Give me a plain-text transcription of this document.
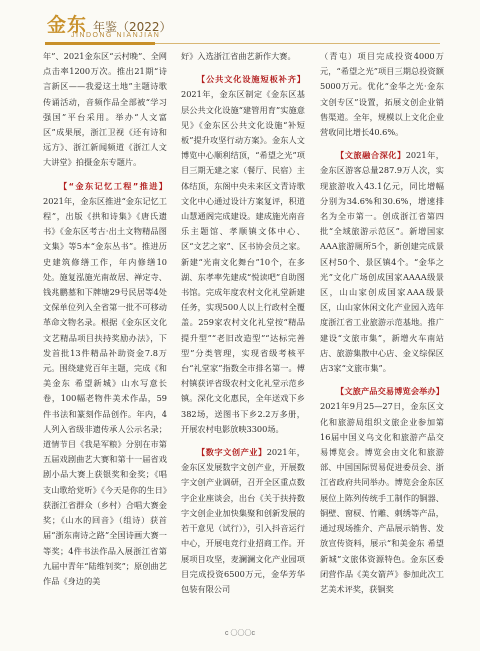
金东 年鉴（2022）
JINDONG NIANJIAN

年”、2021金东区“云村晚”、全网点击率1200万次。推出21期“诗言新区——我爱这土地”主题诗歌传诵活动，音频作品全部被“学习强国”平台采用。举办“人文富区”成果展，浙江卫视《还有诗和远方》、浙江新闻频道《浙江人文大讲堂》拍摄金东专题片。

【“金东记忆工程”推进】2021年，金东区推进“金东记忆工程”，出版《拱和诗集》《唐氏遗书》《金东区考古·出土文物精品图文集》等5本“金东丛书”。推进历史建筑修缮工作，年内修缮10处。施复泓施光南故居、禅定寺、钱兆鹏墓和下牌塘29号民居等4处文保单位列入全省第一批不可移动革命文物名录。根据《金东区文化文艺精品项目扶持奖励办法》，下发首批13件精品补助资金7.8万元。围绕建党百年主题，完成《和美金东 希望新城》山水写意长卷，100幅老物件美术作品，59件书法和篆刻作品创作。年内，4人列入省级非遗传承人公示名录；道情节目《我是军粮》分别在市第五届戏剧曲艺大赛和第十一届省戏剧小品大赛上获银奖和金奖；《唱支山歌给党听》《今天是你的生日》获浙江省群众（乡村）合唱大赛金奖；《山水的回音》（组诗）获首届“浙东南诗之路”全国诗画大赛一等奖；4件书法作品入展浙江省第九届中青年“陆维钊奖”；原创曲艺作品《身边的美

好》入选浙江省曲艺新作大赛。

【公共文化设施短板补齐】2021年，金东区制定《金东区基层公共文化设施“建管用育”实施意见》《金东区公共文化设施“补短板”提升攻坚行动方案》。金东人文博览中心顺利结顶，“希望之光”项目三期无建之家（餐厅、民宿）主体结顶，东阁中央未来区文青诗歌文化中心通过设计方案复评，积道山慧通阁完成建设。建成施光南音乐主题馆、孝顺镇文体中心、区“文艺之家”、区书协会员之家。新建“光南文化舞台”10个，在多湖、东孝率先建成“悦读吧”自助图书馆。完成年度农村文化礼堂新建任务，实现500人以上行政村全覆盖。259家农村文化礼堂按“精品提升型”“老旧改造型”“达标完善型”分类管理，实现省级考核平台“礼堂家”指数全市排名第一。傅村镇获评省级农村文化礼堂示范乡镇。深化文化惠民，全年送戏下乡382场，送图书下乡2.2万多册，开展农村电影放映3300场。

【数字文创产业】2021年，金东区发展数字文创产业，开展数字文创产业调研，召开全区重点数字企业座谈会，出台《关于扶持数字文创企业加快集聚和创新发展的若干意见（试行）》，引入抖音运行中心，开展电竞行业招商工作。开展项目攻坚，麦澜澜文化产业园项目完成投资6500万元，金华芳华包装有限公司

（青屯）项目完成投资4000万元，“希望之光”项目三期总投资额5000万元。优化“金华之光·金东文创专区”设置，拓展文创企业销售渠道。全年，规模以上文化企业营收同比增长40.6%。

【文旅融合深化】2021年，金东区游客总量287.9万人次，实现旅游收入43.1亿元，同比增幅分别为34.6%和30.6%，增速排名为全市第一。创成浙江省第四批“全域旅游示范区”。新增国家AAA旅游厕所5个，新创建完成景区村50个、景区镇4个。“金华之光”文化广场创成国家AAAA级景区，山山家创成国家AAA级景区，山山家休闲文化产业园入选年度浙江省工业旅游示范基地。推广建设“文旅市集”，新增火车南站店、旅游集散中心店、金义综保区店3家“文旅市集”。

【文旅产品交易博览会举办】2021年9月25—27日，金东区文化和旅游局组织文旅企业参加第16届中国义乌文化和旅游产品交易博览会。博览会由文化和旅游部、中国国际贸易促进委员会、浙江省政府共同举办。博览会金东区展位上陈列传统手工制作的铜器、铜壁、窗棂、竹雕、刺绣等产品，通过现场推介、产品展示销售、发放宣传资料，展示“和美金东 希望新城”文旅体资源特色。金东区委闭营作品《美女箭芦》参加此次工艺美术评奖，获铜奖

c 〇〇〇c
